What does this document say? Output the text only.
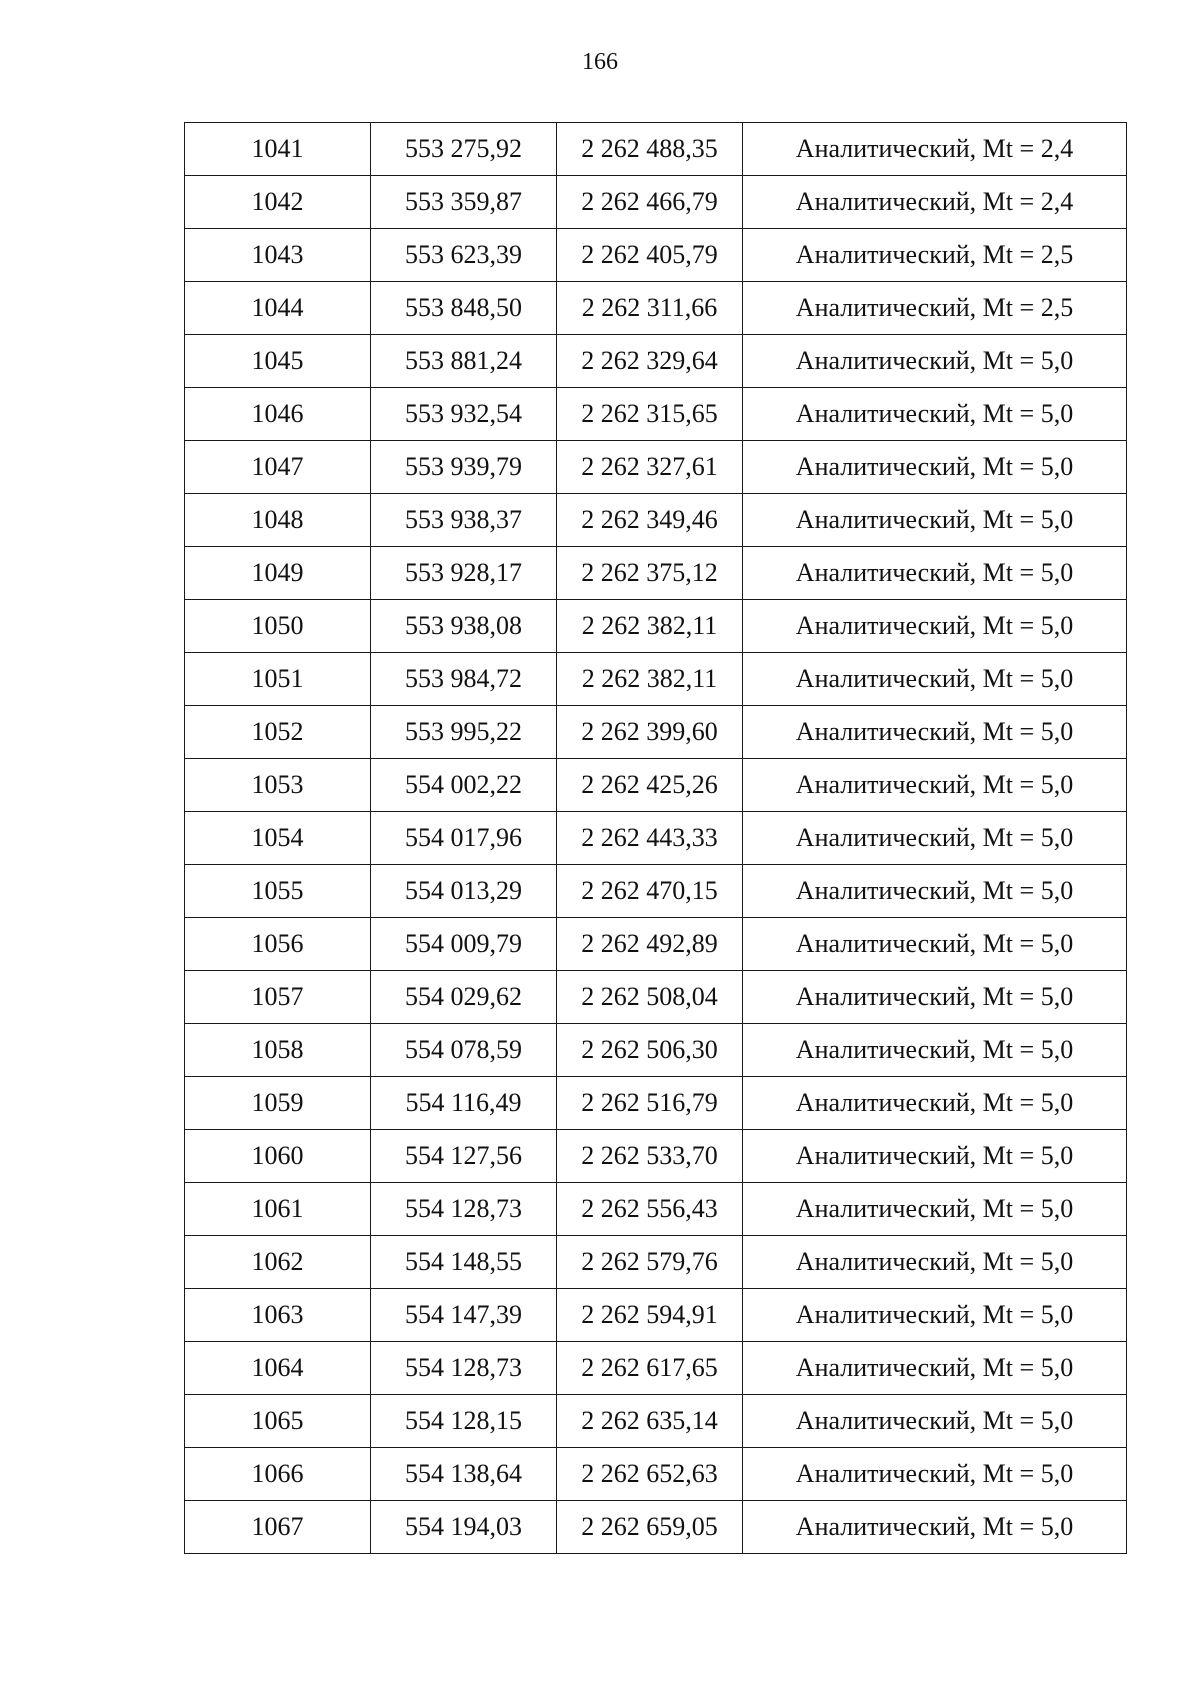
166
1041	553 275,92	2 262 488,35	Аналитический, Mt = 2,4
1042	553 359,87	2 262 466,79	Аналитический, Mt = 2,4
1043	553 623,39	2 262 405,79	Аналитический, Mt = 2,5
1044	553 848,50	2 262 311,66	Аналитический, Mt = 2,5
1045	553 881,24	2 262 329,64	Аналитический, Mt = 5,0
1046	553 932,54	2 262 315,65	Аналитический, Mt = 5,0
1047	553 939,79	2 262 327,61	Аналитический, Mt = 5,0
1048	553 938,37	2 262 349,46	Аналитический, Mt = 5,0
1049	553 928,17	2 262 375,12	Аналитический, Mt = 5,0
1050	553 938,08	2 262 382,11	Аналитический, Mt = 5,0
1051	553 984,72	2 262 382,11	Аналитический, Mt = 5,0
1052	553 995,22	2 262 399,60	Аналитический, Mt = 5,0
1053	554 002,22	2 262 425,26	Аналитический, Mt = 5,0
1054	554 017,96	2 262 443,33	Аналитический, Mt = 5,0
1055	554 013,29	2 262 470,15	Аналитический, Mt = 5,0
1056	554 009,79	2 262 492,89	Аналитический, Mt = 5,0
1057	554 029,62	2 262 508,04	Аналитический, Mt = 5,0
1058	554 078,59	2 262 506,30	Аналитический, Mt = 5,0
1059	554 116,49	2 262 516,79	Аналитический, Mt = 5,0
1060	554 127,56	2 262 533,70	Аналитический, Mt = 5,0
1061	554 128,73	2 262 556,43	Аналитический, Mt = 5,0
1062	554 148,55	2 262 579,76	Аналитический, Mt = 5,0
1063	554 147,39	2 262 594,91	Аналитический, Mt = 5,0
1064	554 128,73	2 262 617,65	Аналитический, Mt = 5,0
1065	554 128,15	2 262 635,14	Аналитический, Mt = 5,0
1066	554 138,64	2 262 652,63	Аналитический, Mt = 5,0
1067	554 194,03	2 262 659,05	Аналитический, Mt = 5,0
